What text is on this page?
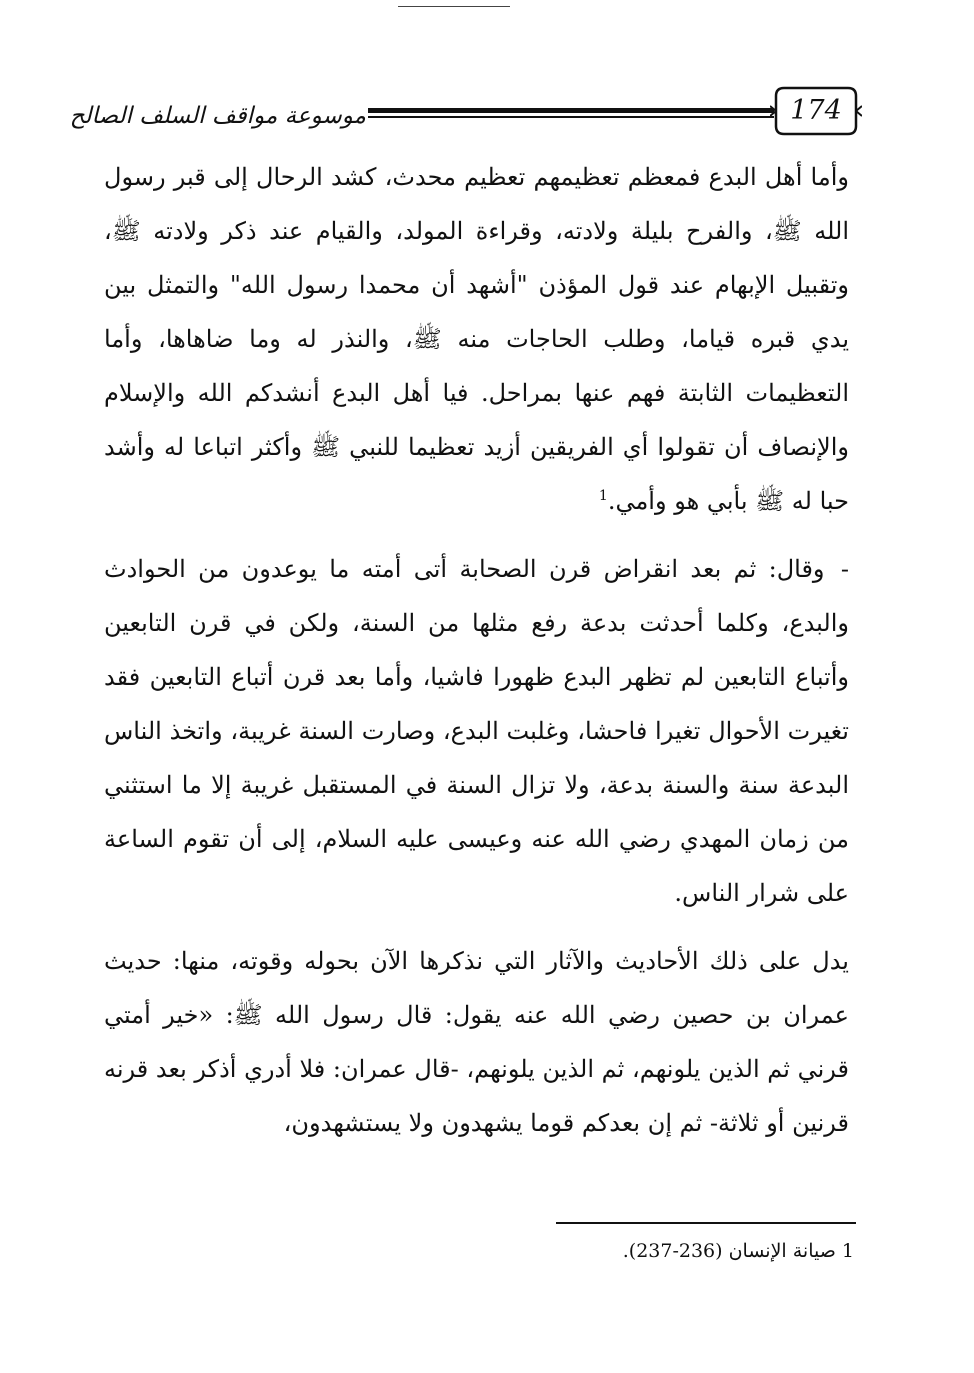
موسوعة مواقف السلف الصالح	174

وأما أهل البدع فمعظم تعظيمهم تعظيم محدث، كشد الرحال إلى قبر رسول الله ﷺ، والفرح بليلة ولادته، وقراءة المولد، والقيام عند ذكر ولادته ﷺ، وتقبيل الإبهام عند قول المؤذن "أشهد أن محمدا رسول الله" والتمثل بين يدي قبره قياما، وطلب الحاجات منه ﷺ، والنذر له وما ضاهاها، وأما التعظيمات الثابتة فهم عنها بمراحل. فيا أهل البدع أنشدكم الله والإسلام والإنصاف أن تقولوا أي الفريقين أزيد تعظيما للنبي ﷺ وأكثر اتباعا له وأشد حبا له ﷺ بأبي هو وأمي.$^1$

- وقال: ثم بعد انقراض قرن الصحابة أتى أمته ما يوعدون من الحوادث والبدع، وكلما أحدثت بدعة رفع مثلها من السنة، ولكن في قرن التابعين وأتباع التابعين لم تظهر البدع ظهورا فاشيا، وأما بعد قرن أتباع التابعين فقد تغيرت الأحوال تغيرا فاحشا، وغلبت البدع، وصارت السنة غريبة، واتخذ الناس البدعة سنة والسنة بدعة، ولا تزال السنة في المستقبل غريبة إلا ما استثني من زمان المهدي رضي الله عنه وعيسى عليه السلام، إلى أن تقوم الساعة على شرار الناس.

يدل على ذلك الأحاديث والآثار التي نذكرها الآن بحوله وقوته، منها: حديث عمران بن حصين رضي الله عنه يقول: قال رسول الله ﷺ: «خير أمتي قرني ثم الذين يلونهم، ثم الذين يلونهم، -قال عمران: فلا أدري أذكر بعد قرنه قرنين أو ثلاثة- ثم إن بعدكم قوما يشهدون ولا يستشهدون،

1 صيانة الإنسان (236-237).
